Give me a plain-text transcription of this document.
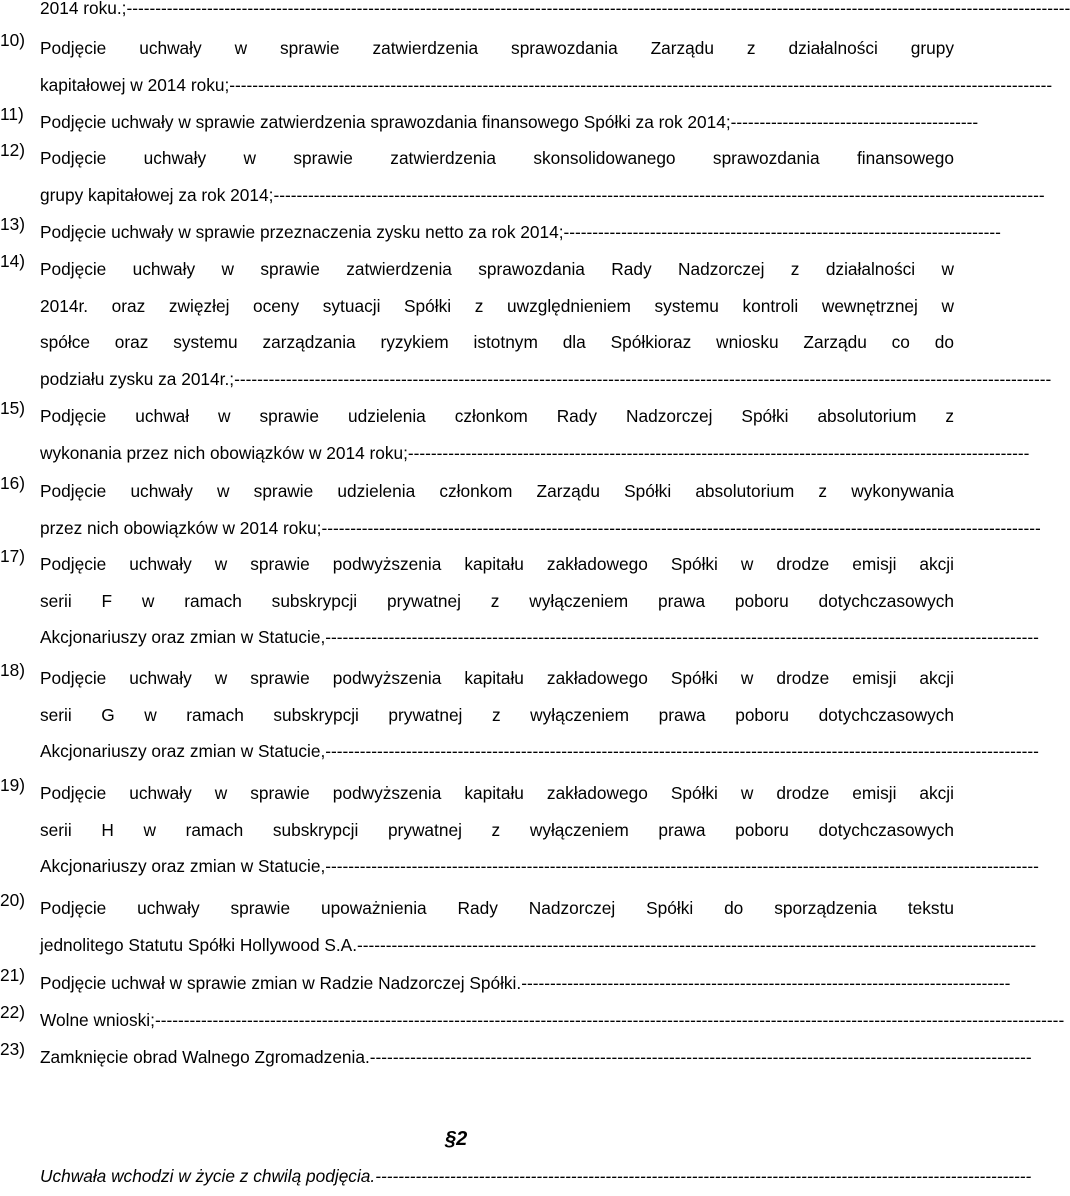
2014 roku.;--------------------------------------------------------------------------------------------------------------------------------------------------------------------
10) Podjęcie uchwały w sprawie zatwierdzenia sprawozdania Zarządu z działalności grupy
kapitałowej w 2014 roku;-----------------------------------------------------------------------------------------------------------------------------------------------
11) Podjęcie uchwały w sprawie zatwierdzenia sprawozdania finansowego Spółki za rok 2014;-------------------------------------------
12) Podjęcie uchwały w sprawie zatwierdzenia skonsolidowanego sprawozdania finansowego
grupy kapitałowej za rok 2014;--------------------------------------------------------------------------------------------------------------------------------------
13) Podjęcie uchwały w sprawie przeznaczenia zysku netto za rok 2014;----------------------------------------------------------------------------
14) Podjęcie uchwały w sprawie zatwierdzenia sprawozdania Rady Nadzorczej z działalności w
2014r. oraz zwięzłej oceny sytuacji Spółki z uwzględnieniem systemu kontroli wewnętrznej w
spółce oraz systemu zarządzania ryzykiem istotnym dla Spółkioraz wniosku Zarządu co do
podziału zysku za 2014r.;----------------------------------------------------------------------------------------------------------------------------------------------
15) Podjęcie uchwał w sprawie udzielenia członkom Rady Nadzorczej Spółki absolutorium z
wykonania przez nich obowiązków w 2014 roku;------------------------------------------------------------------------------------------------------------
16) Podjęcie uchwały w sprawie udzielenia członkom Zarządu Spółki absolutorium z wykonywania
przez nich obowiązków w 2014 roku;-----------------------------------------------------------------------------------------------------------------------------
17) Podjęcie uchwały w sprawie podwyższenia kapitału zakładowego Spółki w drodze emisji akcji
serii F w ramach subskrypcji prywatnej z wyłączeniem prawa poboru dotychczasowych
Akcjonariuszy oraz zmian w Statucie,----------------------------------------------------------------------------------------------------------------------------
18) Podjęcie uchwały w sprawie podwyższenia kapitału zakładowego Spółki w drodze emisji akcji
serii G w ramach subskrypcji prywatnej z wyłączeniem prawa poboru dotychczasowych
Akcjonariuszy oraz zmian w Statucie,----------------------------------------------------------------------------------------------------------------------------
19) Podjęcie uchwały w sprawie podwyższenia kapitału zakładowego Spółki w drodze emisji akcji
serii H w ramach subskrypcji prywatnej z wyłączeniem prawa poboru dotychczasowych
Akcjonariuszy oraz zmian w Statucie,----------------------------------------------------------------------------------------------------------------------------
20) Podjęcie uchwały sprawie upoważnienia Rady Nadzorczej Spółki do sporządzenia tekstu
jednolitego Statutu Spółki Hollywood S.A.----------------------------------------------------------------------------------------------------------------------
21) Podjęcie uchwał w sprawie zmian w Radzie Nadzorczej Spółki.-------------------------------------------------------------------------------------
22) Wolne wnioski;--------------------------------------------------------------------------------------------------------------------------------------------------------------
23) Zamknięcie obrad Walnego Zgromadzenia.-------------------------------------------------------------------------------------------------------------------
§2
Uchwała wchodzi w życie z chwilą podjęcia.------------------------------------------------------------------------------------------------------------------
